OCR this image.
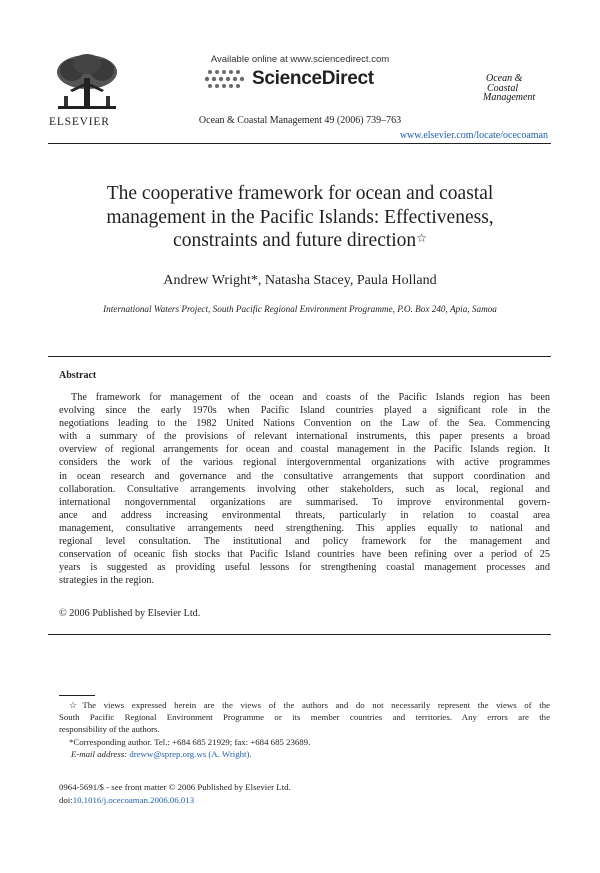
ELSEVIER
Available online at www.sciencedirect.com
ScienceDirect
Ocean & Coastal Management 49 (2006) 739–763
Ocean &
Coastal
Management
www.elsevier.com/locate/ocecoaman
The cooperative framework for ocean and coastal
management in the Pacific Islands: Effectiveness,
constraints and future direction☆
Andrew Wright*, Natasha Stacey, Paula Holland
International Waters Project, South Pacific Regional Environment Programme, P.O. Box 240, Apia, Samoa
Abstract
The framework for management of the ocean and coasts of the Pacific Islands region has been
evolving since the early 1970s when Pacific Island countries played a significant role in the
negotiations leading to the 1982 United Nations Convention on the Law of the Sea. Commencing
with a summary of the provisions of relevant international instruments, this paper presents a broad
overview of regional arrangements for ocean and coastal management in the Pacific Islands region. It
considers the work of the various regional intergovernmental organizations with active programmes
in ocean research and governance and the consultative arrangements that support coordination and
collaboration. Consultative arrangements involving other stakeholders, such as local, regional and
international nongovernmental organizations are summarised. To improve environmental govern-
ance and address increasing environmental threats, particularly in relation to coastal area
management, consultative arrangements need strengthening. This applies equally to national and
regional level consultation. The institutional and policy framework for the management and
conservation of oceanic fish stocks that Pacific Island countries have been refining over a period of 25
years is suggested as providing useful lessons for strengthening coastal management processes and
strategies in the region.
© 2006 Published by Elsevier Ltd.
☆The views expressed herein are the views of the authors and do not necessarily represent the views of the
South Pacific Regional Environment Programme or its member countries and territories. Any errors are the
responsibility of the authors.
*Corresponding author. Tel.: +684 685 21929; fax: +684 685 23689.
E-mail address: dreww@sprep.org.ws (A. Wright).
0964-5691/$ - see front matter © 2006 Published by Elsevier Ltd.
doi:10.1016/j.ocecoaman.2006.06.013
